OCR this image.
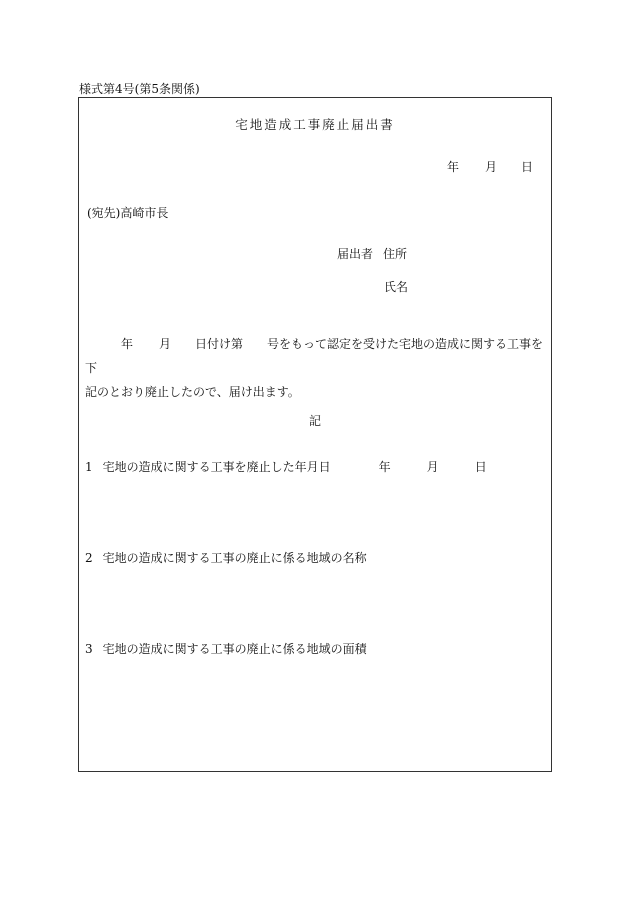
様式第4号(第5条関係)
宅地造成工事廃止届出書
年 月 日
(宛先)高崎市長
届出者 住所
氏名
年 月 日付け第 号をもって認定を受けた宅地の造成に関する工事を下
記のとおり廃止したので、届け出ます。
記
1 宅地の造成に関する工事を廃止した年月日	年	月	日
2 宅地の造成に関する工事の廃止に係る地域の名称
3 宅地の造成に関する工事の廃止に係る地域の面積
